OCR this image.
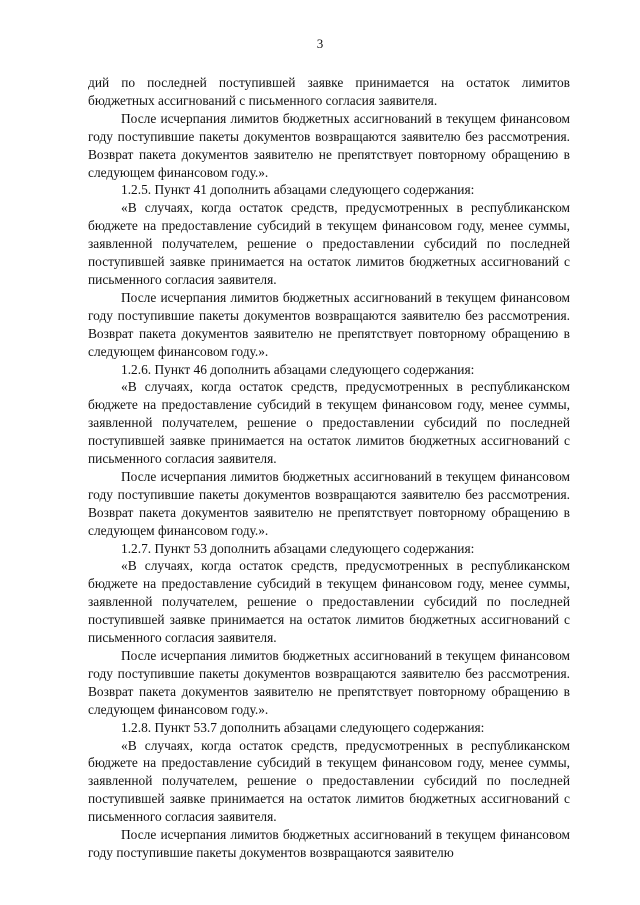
3

дий по последней поступившей заявке принимается на остаток лимитов бюджетных ассигнований с письменного согласия заявителя.

После исчерпания лимитов бюджетных ассигнований в текущем финансовом году поступившие пакеты документов возвращаются заявителю без рассмотрения. Возврат пакета документов заявителю не препятствует повторному обращению в следующем финансовом году.».

1.2.5. Пункт 41 дополнить абзацами следующего содержания:

«В случаях, когда остаток средств, предусмотренных в республиканском бюджете на предоставление субсидий в текущем финансовом году, менее суммы, заявленной получателем, решение о предоставлении субсидий по последней поступившей заявке принимается на остаток лимитов бюджетных ассигнований с письменного согласия заявителя.

После исчерпания лимитов бюджетных ассигнований в текущем финансовом году поступившие пакеты документов возвращаются заявителю без рассмотрения. Возврат пакета документов заявителю не препятствует повторному обращению в следующем финансовом году.».

1.2.6. Пункт 46 дополнить абзацами следующего содержания:

«В случаях, когда остаток средств, предусмотренных в республиканском бюджете на предоставление субсидий в текущем финансовом году, менее суммы, заявленной получателем, решение о предоставлении субсидий по последней поступившей заявке принимается на остаток лимитов бюджетных ассигнований с письменного согласия заявителя.

После исчерпания лимитов бюджетных ассигнований в текущем финансовом году поступившие пакеты документов возвращаются заявителю без рассмотрения. Возврат пакета документов заявителю не препятствует повторному обращению в следующем финансовом году.».

1.2.7. Пункт 53 дополнить абзацами следующего содержания:

«В случаях, когда остаток средств, предусмотренных в республиканском бюджете на предоставление субсидий в текущем финансовом году, менее суммы, заявленной получателем, решение о предоставлении субсидий по последней поступившей заявке принимается на остаток лимитов бюджетных ассигнований с письменного согласия заявителя.

После исчерпания лимитов бюджетных ассигнований в текущем финансовом году поступившие пакеты документов возвращаются заявителю без рассмотрения. Возврат пакета документов заявителю не препятствует повторному обращению в следующем финансовом году.».

1.2.8. Пункт 53.7 дополнить абзацами следующего содержания:

«В случаях, когда остаток средств, предусмотренных в республиканском бюджете на предоставление субсидий в текущем финансовом году, менее суммы, заявленной получателем, решение о предоставлении субсидий по последней поступившей заявке принимается на остаток лимитов бюджетных ассигнований с письменного согласия заявителя.

После исчерпания лимитов бюджетных ассигнований в текущем финансовом году поступившие пакеты документов возвращаются заявителю
